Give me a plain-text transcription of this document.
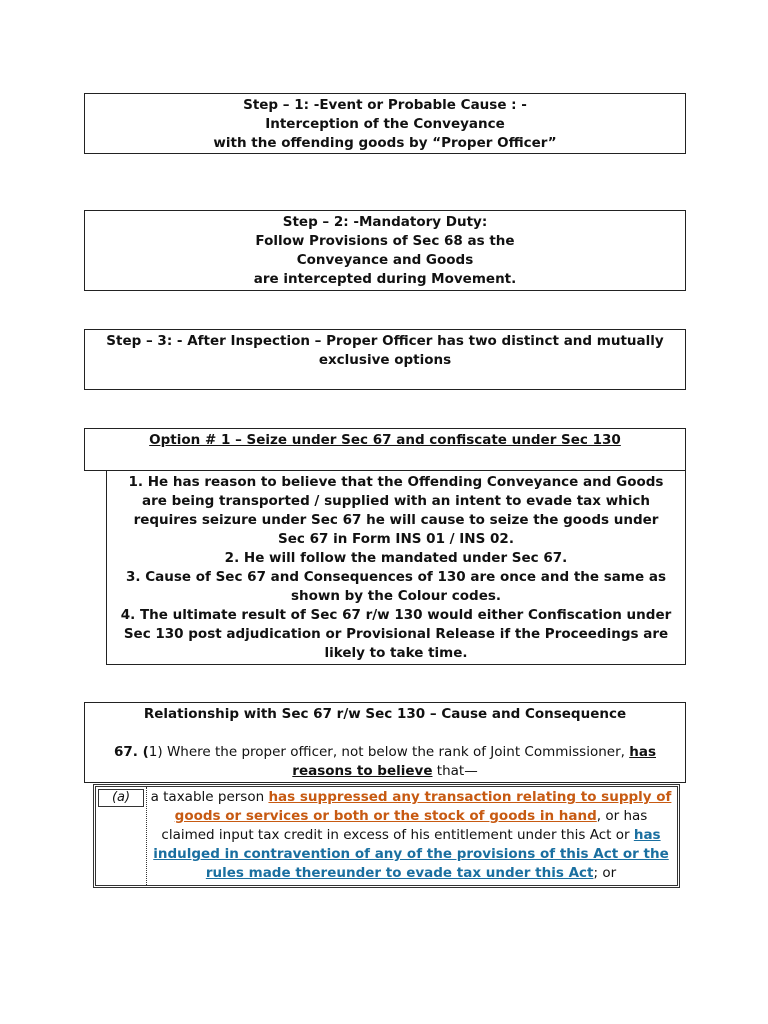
Step – 1: -Event or Probable Cause : -
Interception of the Conveyance
with the offending goods by “Proper Officer”
Step – 2: -Mandatory Duty:
Follow Provisions of Sec 68 as the
Conveyance and Goods
are intercepted during Movement.
Step – 3: - After Inspection – Proper Officer has two distinct and mutually
exclusive options
Option # 1 – Seize under Sec 67 and confiscate under Sec 130
1. He has reason to believe that the Offending Conveyance and Goods are being transported / supplied with an intent to evade tax which requires seizure under Sec 67 he will cause to seize the goods under Sec 67 in Form INS 01 / INS 02.
2. He will follow the mandated under Sec 67.
3. Cause of Sec 67 and Consequences of 130 are once and the same as shown by the Colour codes.
4. The ultimate result of Sec 67 r/w 130 would either Confiscation under Sec 130 post adjudication or Provisional Release if the Proceedings are likely to take time.
Relationship with Sec 67 r/w Sec 130 – Cause and Consequence
67. (1) Where the proper officer, not below the rank of Joint Commissioner, has reasons to believe that—
(a)	a taxable person has suppressed any transaction relating to supply of goods or services or both or the stock of goods in hand, or has claimed input tax credit in excess of his entitlement under this Act or has indulged in contravention of any of the provisions of this Act or the rules made thereunder to evade tax under this Act; or
